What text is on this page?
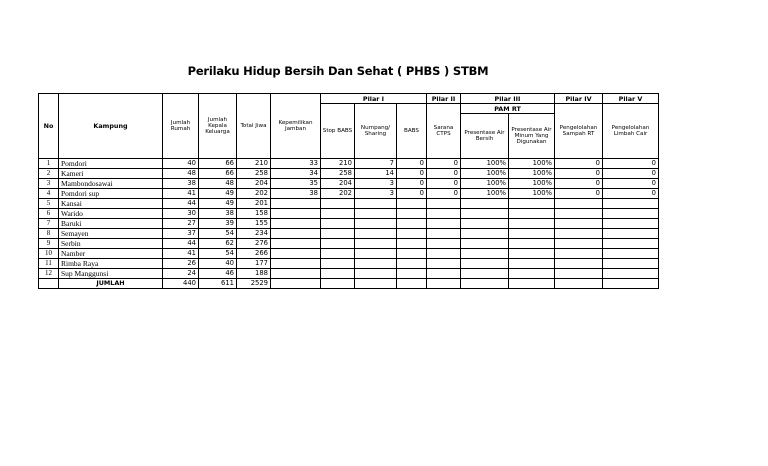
Perilaku Hidup Bersih Dan Sehat ( PHBS ) STBM
No	Kampung	Jumlah Rumah	Jumlah Kepala Keluarga	Total Jiwa	Kepemilikan Jamban	Pilar I			Pilar II	Pilar III		Pilar IV	Pilar V
						Stop BABS	Numpang/ Sharing	BABS	Sarana CTPS	PAM RT		Pengelolahan Sampah RT	Pengelolahan Limbah Cair
										Presentase Air Bersih	Presentase Air Minum Yang Digunakan		
1	Pomdori	40	66	210	33	210	7	0	0	100%	100%	0	0
2	Kameri	48	66	258	34	258	14	0	0	100%	100%	0	0
3	Mambondosawai	38	48	204	35	204	3	0	0	100%	100%	0	0
4	Pomdori sup	41	49	202	38	202	3	0	0	100%	100%	0	0
5	Kansai	44	49	201									
6	Warido	30	38	158									
7	Baruki	27	39	155									
8	Semayen	37	54	234									
9	Serbin	44	62	276									
10	Namber	41	54	266									
11	Rimba Raya	26	40	177									
12	Sup Manggunsi	24	46	188									
	JUMLAH	440	611	2529									
